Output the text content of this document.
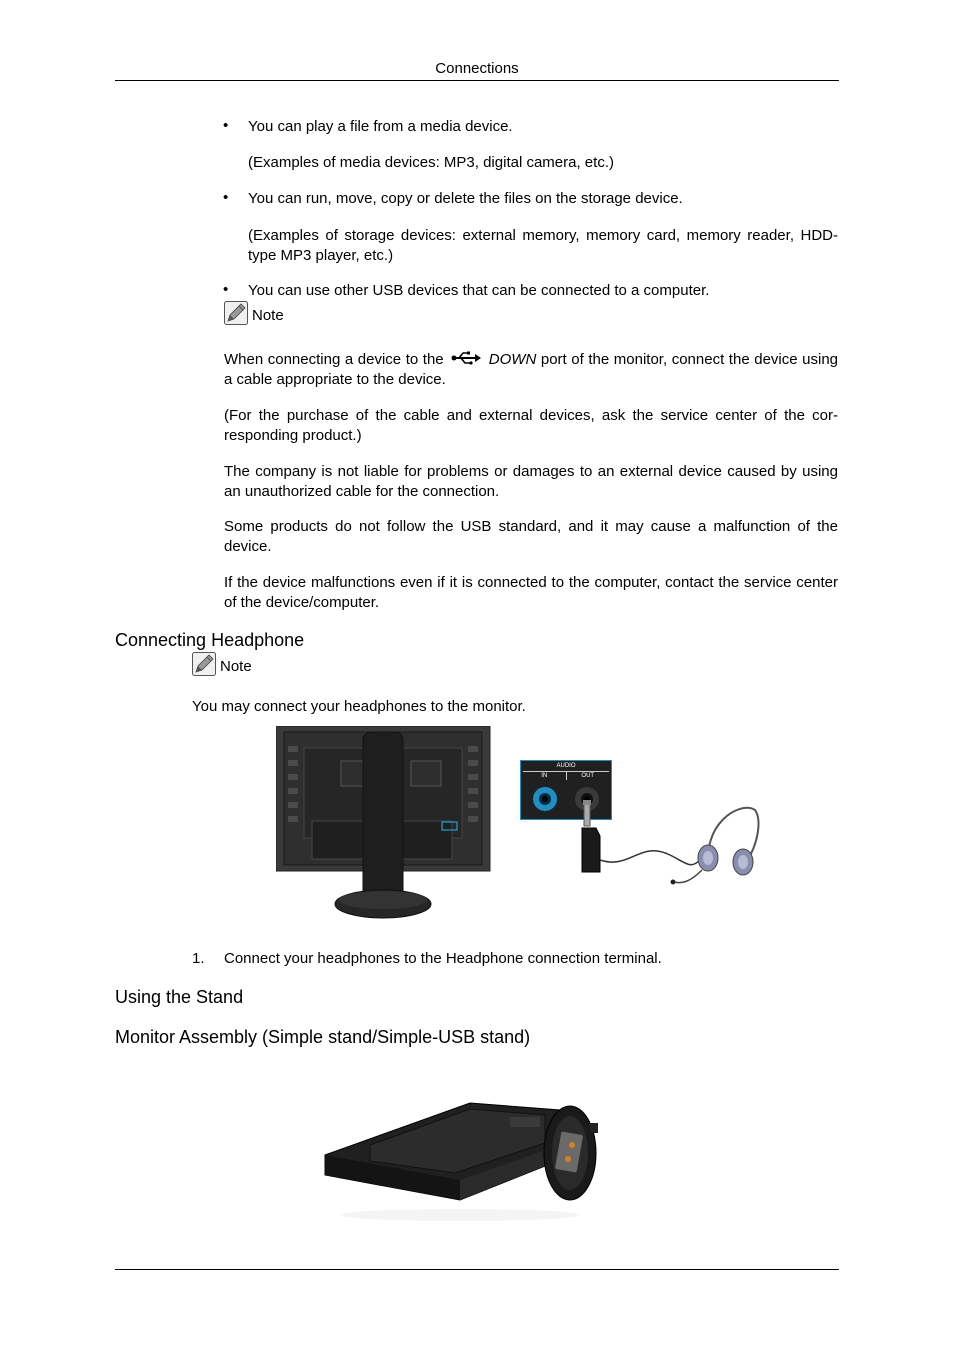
Connections
• You can play a file from a media device.
(Examples of media devices: MP3, digital camera, etc.)
• You can run, move, copy or delete the files on the storage device.
(Examples of storage devices: external memory, memory card, memory reader, HDD-type MP3 player, etc.)
• You can use other USB devices that can be connected to a computer.
Note
When connecting a device to the	DOWN port of the monitor, connect the device using a cable appropriate to the device.
(For the purchase of the cable and external devices, ask the service center of the cor- responding product.)
The company is not liable for problems or damages to an external device caused by using an unauthorized cable for the connection.
Some products do not follow the USB standard, and it may cause a malfunction of the device.
If the device malfunctions even if it is connected to the computer, contact the service center of the device/computer.
Connecting Headphone
Note
You may connect your headphones to the monitor.
AUDIO
IN	OUT
1. Connect your headphones to the Headphone connection terminal.
Using the Stand
Monitor Assembly (Simple stand/Simple-USB stand)
